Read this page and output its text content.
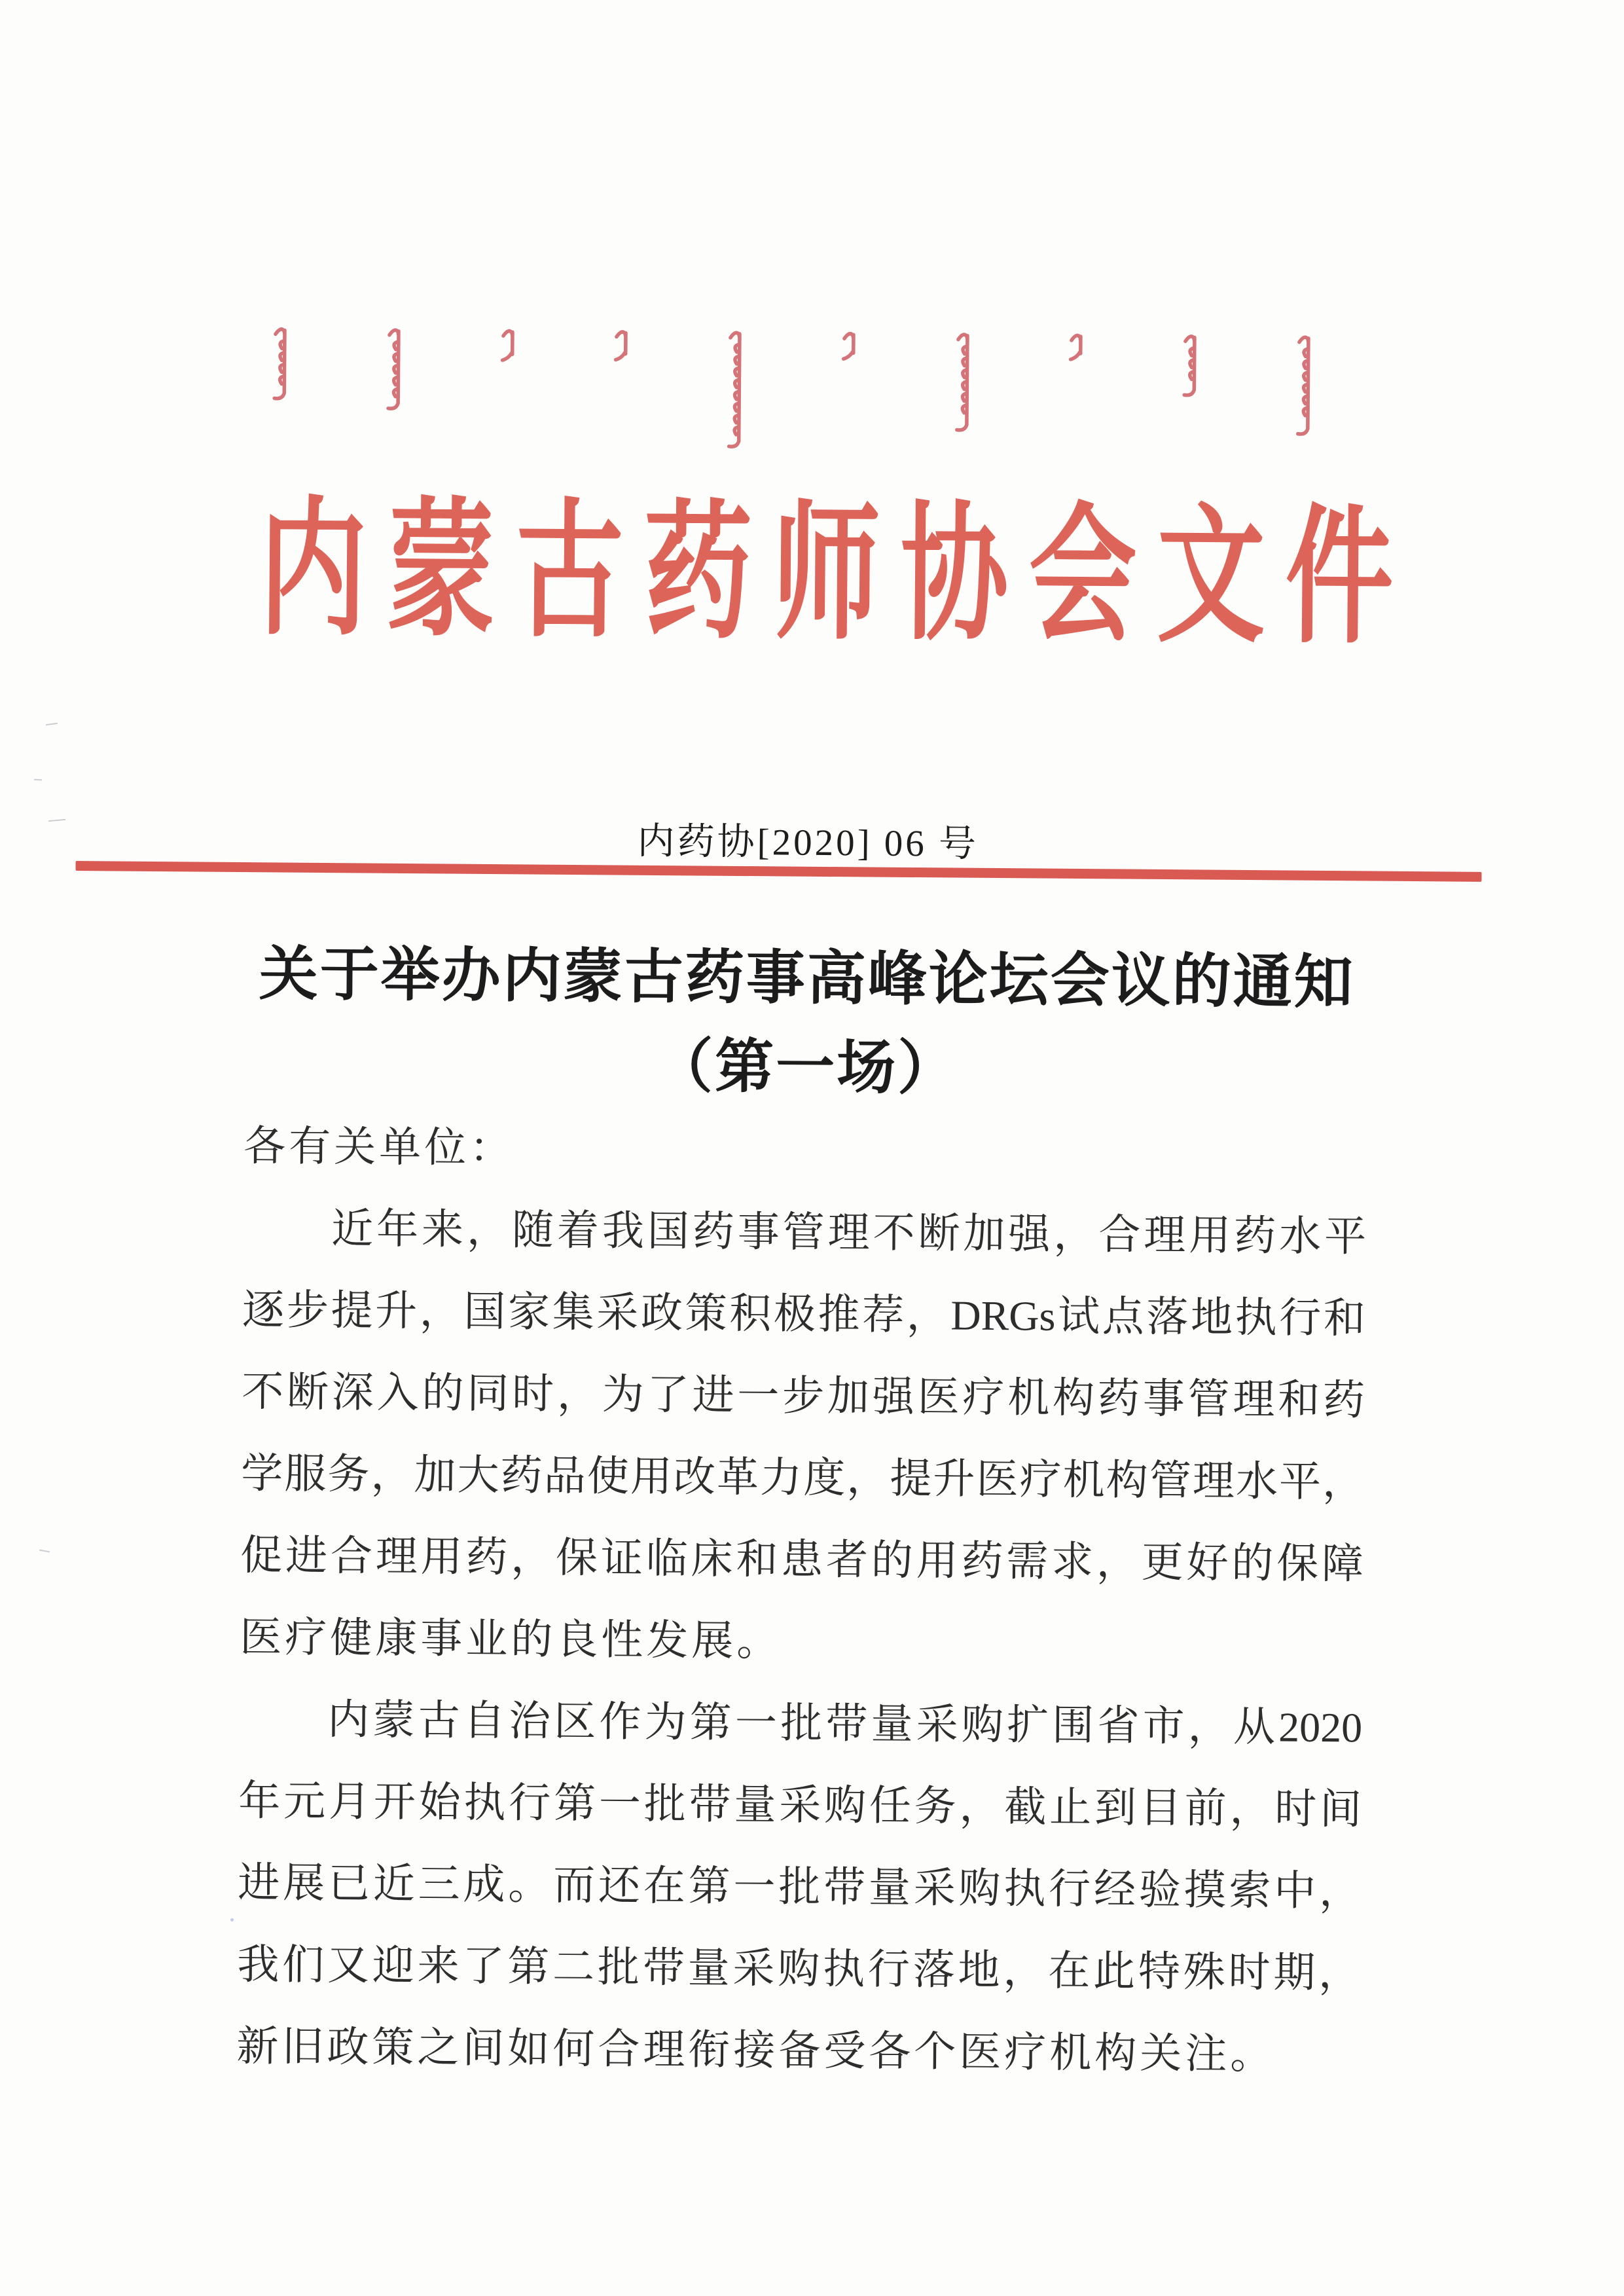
内 蒙 古 药 师 协 会 文 件
内药协[2020] 06 号
关于举办内蒙古药事高峰论坛会议的通知
（第一场）
各有关单位：
近 年 来 ， 随 着 我 国 药 事 管 理 不 断 加 强 ， 合 理 用 药 水 平
逐 步 提 升 ， 国 家 集 采 政 策 积 极 推 荐 ， DRGs 试 点 落 地 执 行 和
不 断 深 入 的 同 时 ， 为 了 进 一 步 加 强 医 疗 机 构 药 事 管 理 和 药
学 服 务 ， 加 大 药 品 使 用 改 革 力 度 ， 提 升 医 疗 机 构 管 理 水 平 ，
促 进 合 理 用 药 ， 保 证 临 床 和 患 者 的 用 药 需 求 ， 更 好 的 保 障
医疗健康事业的良性发展。
内 蒙 古 自 治 区 作 为 第 一 批 带 量 采 购 扩 围 省 市 ， 从 2020
年 元 月 开 始 执 行 第 一 批 带 量 采 购 任 务 ， 截 止 到 目 前 ， 时 间
进 展 已 近 三 成 。 而 还 在 第 一 批 带 量 采 购 执 行 经 验 摸 索 中 ，
我 们 又 迎 来 了 第 二 批 带 量 采 购 执 行 落 地 ， 在 此 特 殊 时 期 ，
新旧政策之间如何合理衔接备受各个医疗机构关注。
